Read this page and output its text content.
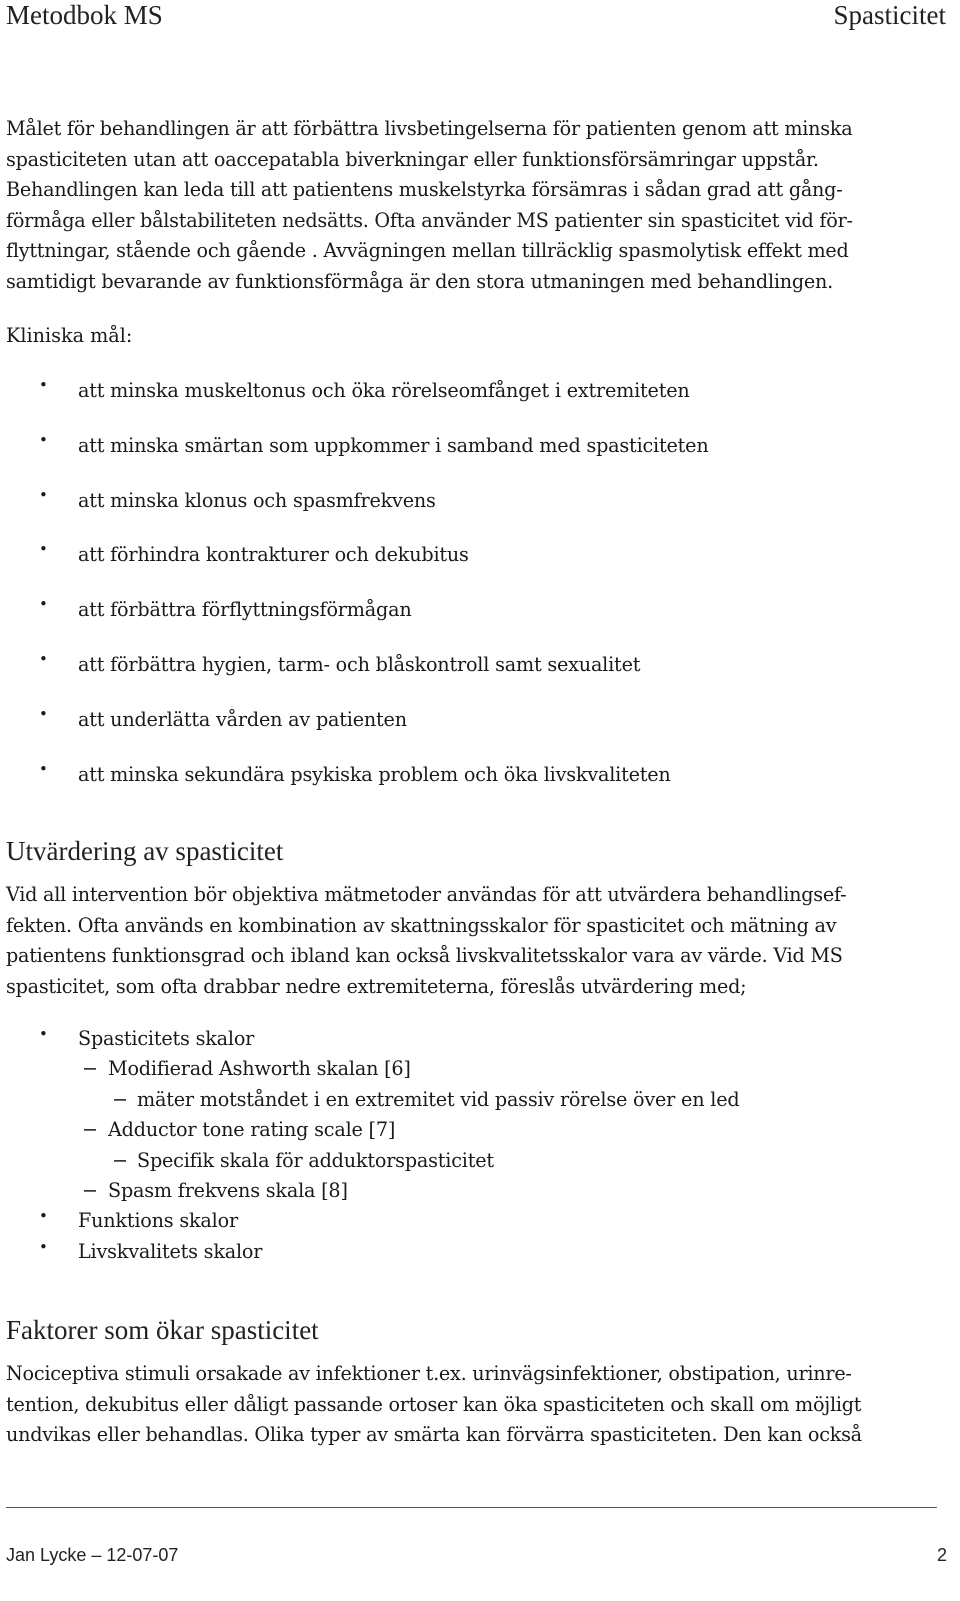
Metodbok MS	Spasticitet

Målet för behandlingen är att förbättra livsbetingelserna för patienten genom att minska
spasticiteten utan att oaccepatabla biverkningar eller funktionsförsämringar uppstår.
Behandlingen kan leda till att patientens muskelstyrka försämras i sådan grad att gång-
förmåga eller bålstabiliteten nedsätts. Ofta använder MS patienter sin spasticitet vid för-
flyttningar, stående och gående . Avvägningen mellan tillräcklig spasmolytisk effekt med
samtidigt bevarande av funktionsförmåga är den stora utmaningen med behandlingen.

Kliniska mål:

• att minska muskeltonus och öka rörelseomfånget i extremiteten
• att minska smärtan som uppkommer i samband med spasticiteten
• att minska klonus och spasmfrekvens
• att förhindra kontrakturer och dekubitus
• att förbättra förflyttningsförmågan
• att förbättra hygien, tarm- och blåskontroll samt sexualitet
• att underlätta vården av patienten
• att minska sekundära psykiska problem och öka livskvaliteten
Utvärdering av spasticitet

Vid all intervention bör objektiva mätmetoder användas för att utvärdera behandlingsef-
fekten. Ofta används en kombination av skattningsskalor för spasticitet och mätning av
patientens funktionsgrad och ibland kan också livskvalitetsskalor vara av värde. Vid MS
spasticitet, som ofta drabbar nedre extremiteterna, föreslås utvärdering med;

• Spasticitets skalor
− Modifierad Ashworth skalan [6]
− mäter motståndet i en extremitet vid passiv rörelse över en led
− Adductor tone rating scale [7]
− Specifik skala för adduktorspasticitet
− Spasm frekvens skala [8]
• Funktions skalor
• Livskvalitets skalor
Faktorer som ökar spasticitet

Nociceptiva stimuli orsakade av infektioner t.ex. urinvägsinfektioner, obstipation, urinre-
tention, dekubitus eller dåligt passande ortoser kan öka spasticiteten och skall om möjligt
undvikas eller behandlas. Olika typer av smärta kan förvärra spasticiteten. Den kan också

Jan Lycke – 12-07-07	2
